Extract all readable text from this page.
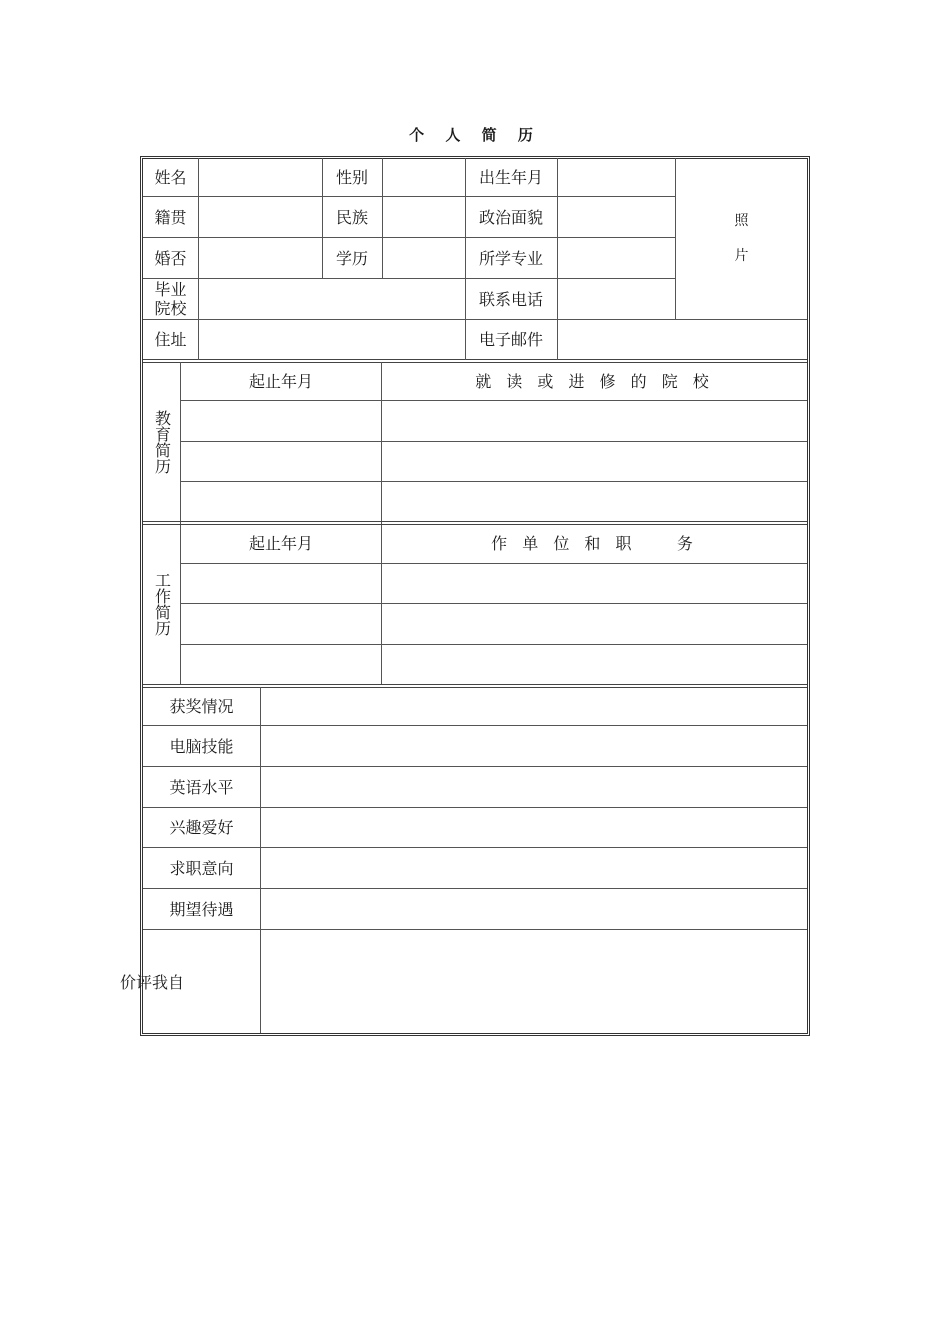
个 人 简 历
姓名	性别	出生年月
照
片
籍贯	民族	政治面貌
婚否	学历	所学专业
毕业
院校	联系电话
住址	电子邮件
教育简历
起止年月	就 读 或 进 修 的 院 校
工作简历
起止年月	作 单 位 和 职    务
获奖情况
电脑技能
英语水平
兴趣爱好
求职意向
期望待遇
价评我自
